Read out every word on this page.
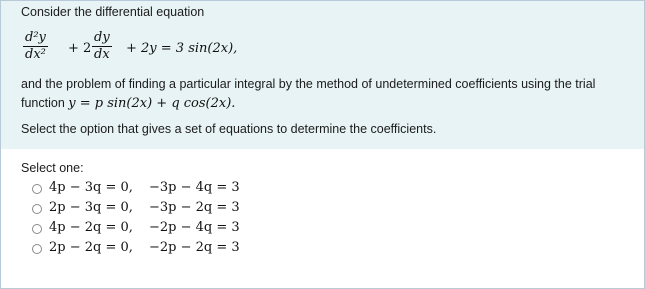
Consider the differential equation
$\frac{\text{d²y}}{\text{dx²}} + 2 \frac{dy}{dx} + 2y = 3$ sin(2x),
and the problem of finding a particular integral by the method of undetermined coefficients using the trial
function y = p sin(2x) + q cos(2x).
Select the option that gives a set of equations to determine the coefficients.
Select one:
4p − 3q = 0, −3p − 4q = 3
2p − 3q = 0, −3p − 2q = 3
4p − 2q = 0, −2p − 4q = 3
2p − 2q = 0, −2p − 2q = 3
